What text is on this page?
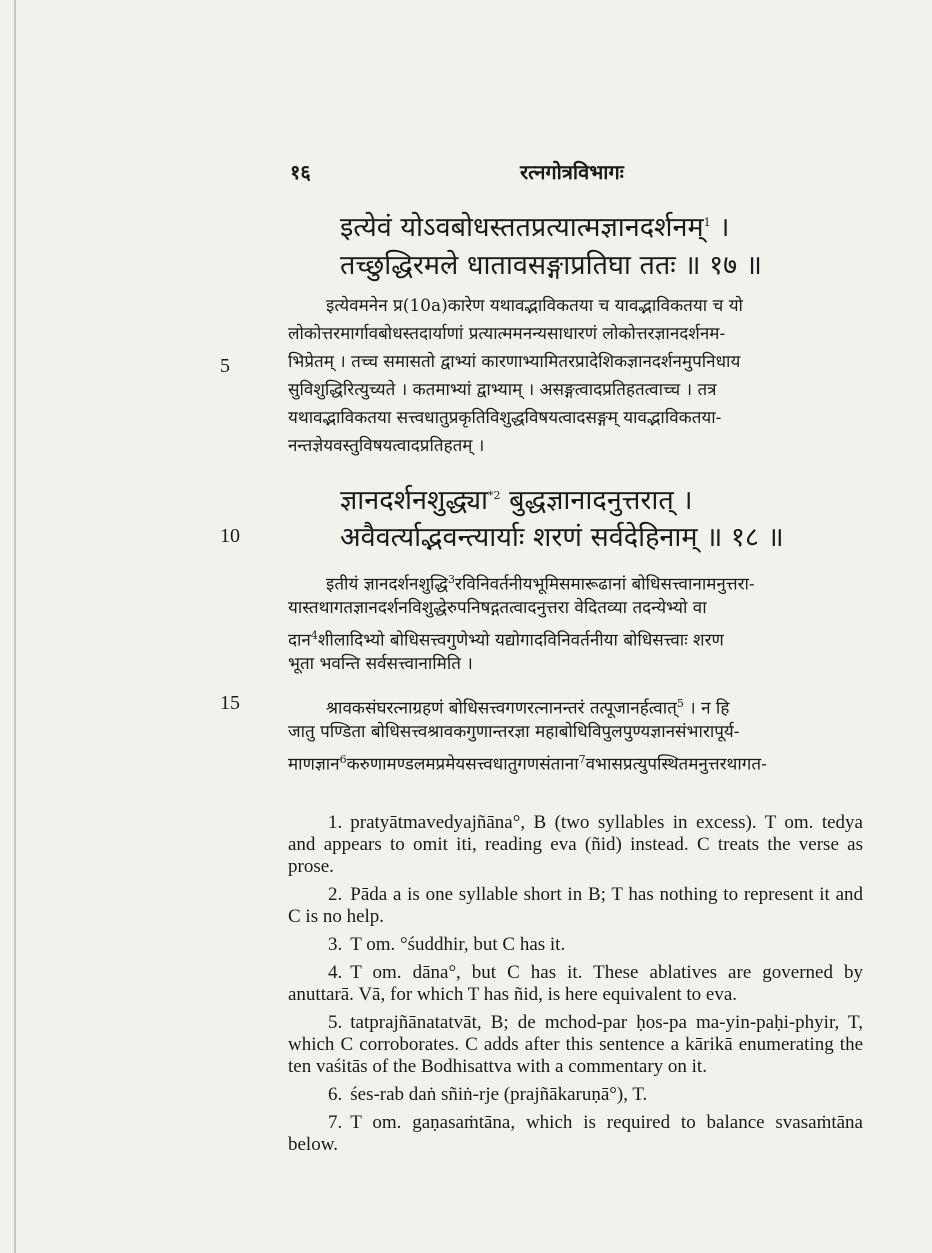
१६	रत्नगोत्रविभागः
इत्येवं योऽवबोधस्ततप्रत्यात्मज्ञानदर्शनम्$^1$ ।
तच्छुद्धिरमले धातावसङ्गाप्रतिघा ततः ॥ १७ ॥
इत्येवमनेन प्र(10a)कारेण यथावद्भाविकतया च यावद्भाविकतया च यो
लोकोत्तरमार्गावबोधस्तदार्याणां प्रत्यात्ममनन्यसाधारणं लोकोत्तरज्ञानदर्शनम-
भिप्रेतम् । तच्च समासतो द्वाभ्यां कारणाभ्यामितरप्रादेशिकज्ञानदर्शनमुपनिधाय
सुविशुद्धिरित्युच्यते । कतमाभ्यां द्वाभ्याम् । असङ्गत्वादप्रतिहतत्वाच्च । तत्र
यथावद्भाविकतया सत्त्वधातुप्रकृतिविशुद्धविषयत्वादसङ्गम् यावद्भाविकतया-
नन्तज्ञेयवस्तुविषयत्वादप्रतिहतम् ।
5
ज्ञानदर्शनशुद्ध्या$^{*2}$ बुद्धज्ञानादनुत्तरात् ।
अवैवर्त्याद्भवन्त्यार्याः शरणं सर्वदेहिनाम् ॥ १८ ॥
10
इतीयं ज्ञानदर्शनशुद्धि$^3$रविनिवर्तनीयभूमिसमारूढानां बोधिसत्त्वानामनुत्तरा-
यास्तथागतज्ञानदर्शनविशुद्धेरुपनिषद्गतत्वादनुत्तरा वेदितव्या तदन्येभ्यो वा
दान$^4$शीलादिभ्यो बोधिसत्त्वगुणेभ्यो यद्योगादविनिवर्तनीया बोधिसत्त्वाः शरण
भूता भवन्ति सर्वसत्त्वानामिति ।
श्रावकसंघरत्नाग्रहणं बोधिसत्त्वगणरत्नानन्तरं तत्पूजानर्हत्वात्$^5$ । न हि
जातु पण्डिता बोधिसत्त्वश्रावकगुणान्तरज्ञा महाबोधिविपुलपुण्यज्ञानसंभारापूर्य-
माणज्ञान$^6$करुणामण्डलमप्रमेयसत्त्वधातुगणसंताना$^7$वभासप्रत्युपस्थितमनुत्तरथागत-
15

1. pratyātmavedyajñāna°, B (two syllables in excess). T om. tedya and appears to omit iti, reading eva (ñid) instead. C treats the verse as prose.

2. Pāda a is one syllable short in B; T has nothing to represent it and C is no help.

3. T om. °śuddhir, but C has it.

4. T om. dāna°, but C has it. These ablatives are governed by anuttarā. Vā, for which T has ñid, is here equivalent to eva.

5. tatprajñānatatvāt, B; de mchod-par ḥos-pa ma-yin-paḥi-phyir, T, which C corroborates. C adds after this sentence a kārikā enumerating the ten vaśitās of the Bodhisattva with a commentary on it.

6. śes-rab daṅ sñiṅ-rje (prajñākaruṇā°), T.

7. T om. gaṇasaṁtāna, which is required to balance svasaṁtāna below.
